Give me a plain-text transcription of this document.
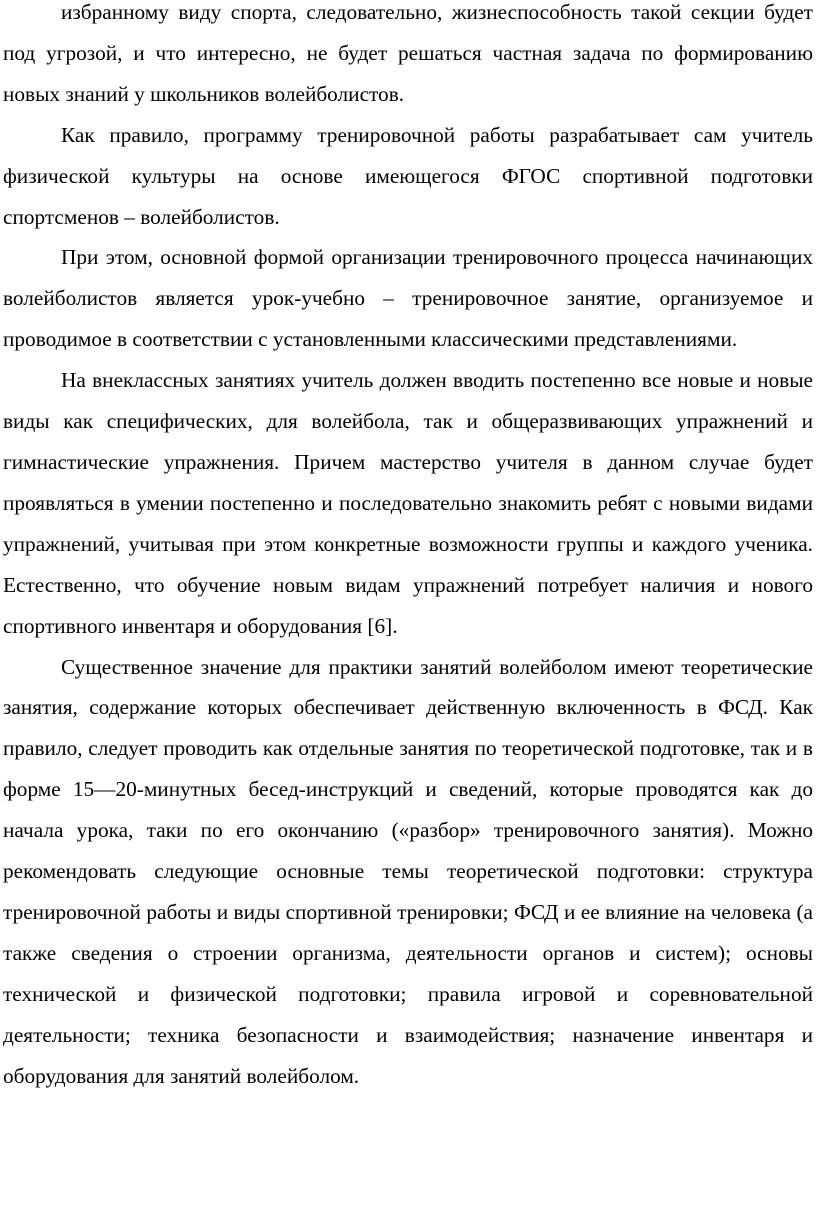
избранному виду спорта, следовательно, жизнеспособность такой секции будет под угрозой, и что интересно, не будет решаться частная задача по формированию новых знаний у школьников волейболистов.

Как правило, программу тренировочной работы разрабатывает сам учитель физической культуры на основе имеющегося ФГОС спортивной подготовки спортсменов – волейболистов.

При этом, основной формой организации тренировочного процесса начинающих волейболистов является урок-учебно – тренировочное занятие, организуемое и проводимое в соответствии с установленными классическими представлениями.

На внеклассных занятиях учитель должен вводить постепенно все новые и новые виды как специфических, для волейбола, так и общеразвивающих упражнений и гимнастические упражнения. Причем мастерство учителя в данном случае будет проявляться в умении постепенно и последовательно знакомить ребят с новыми видами упражнений, учитывая при этом конкретные возможности группы и каждого ученика. Естественно, что обучение новым видам упражнений потребует наличия и нового спортивного инвентаря и оборудования [6].

Существенное значение для практики занятий волейболом имеют теоретические занятия, содержание которых обеспечивает действенную включенность в ФСД. Как правило, следует проводить как отдельные занятия по теоретической подготовке, так и в форме 15—20-минутных бесед-инструкций и сведений, которые проводятся как до начала урока, таки по его окончанию («разбор» тренировочного занятия). Можно рекомендовать следующие основные темы теоретической подготовки: структура тренировочной работы и виды спортивной тренировки; ФСД и ее влияние на человека (а также сведения о строении организма, деятельности органов и систем); основы технической и физической подготовки; правила игровой и соревновательной деятельности; техника безопасности и взаимодействия; назначение инвентаря и оборудования для занятий волейболом.
